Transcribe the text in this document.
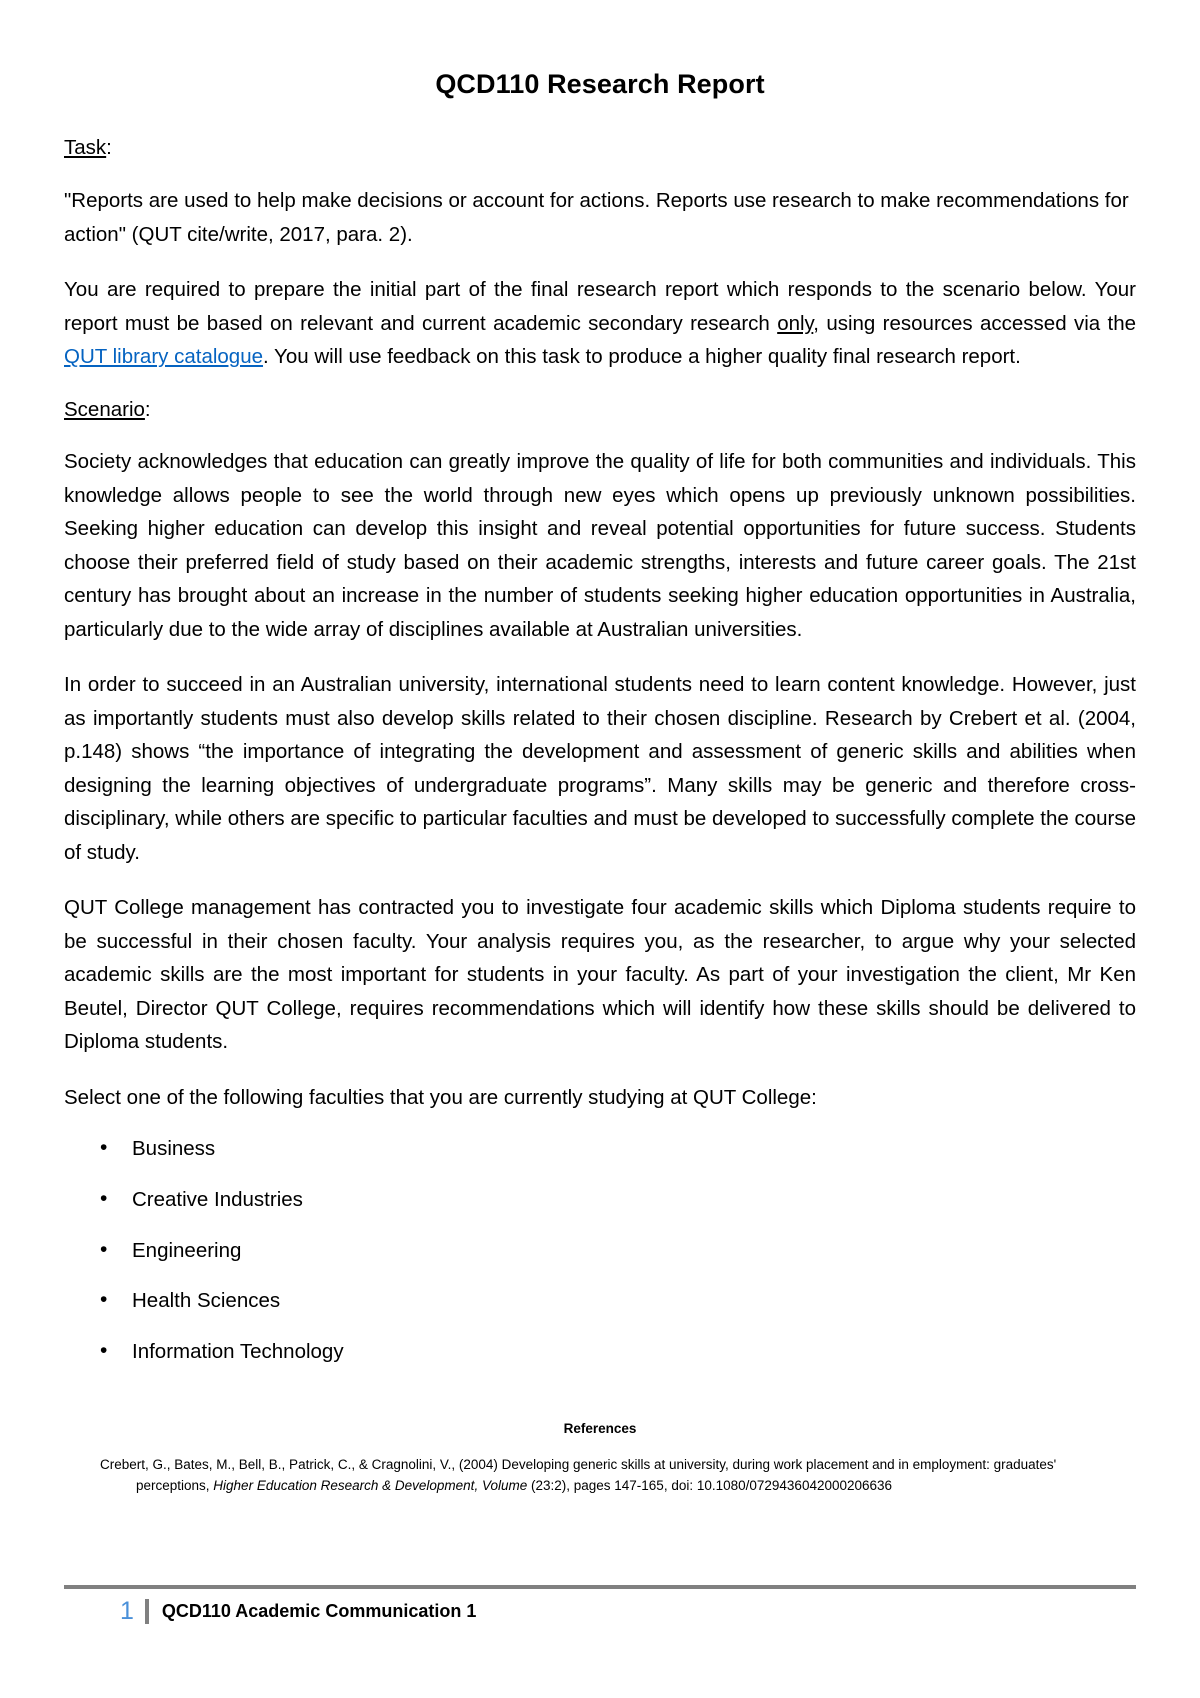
QCD110 Research Report
Task:

"Reports are used to help make decisions or account for actions. Reports use research to make recommendations for action" (QUT cite/write, 2017, para. 2).

You are required to prepare the initial part of the final research report which responds to the scenario below. Your report must be based on relevant and current academic secondary research only, using resources accessed via the QUT library catalogue. You will use feedback on this task to produce a higher quality final research report.

Scenario:

Society acknowledges that education can greatly improve the quality of life for both communities and individuals. This knowledge allows people to see the world through new eyes which opens up previously unknown possibilities. Seeking higher education can develop this insight and reveal potential opportunities for future success. Students choose their preferred field of study based on their academic strengths, interests and future career goals. The 21st century has brought about an increase in the number of students seeking higher education opportunities in Australia, particularly due to the wide array of disciplines available at Australian universities.

In order to succeed in an Australian university, international students need to learn content knowledge. However, just as importantly students must also develop skills related to their chosen discipline. Research by Crebert et al. (2004, p.148) shows “the importance of integrating the development and assessment of generic skills and abilities when designing the learning objectives of undergraduate programs”. Many skills may be generic and therefore cross-disciplinary, while others are specific to particular faculties and must be developed to successfully complete the course of study.

QUT College management has contracted you to investigate four academic skills which Diploma students require to be successful in their chosen faculty. Your analysis requires you, as the researcher, to argue why your selected academic skills are the most important for students in your faculty. As part of your investigation the client, Mr Ken Beutel, Director QUT College, requires recommendations which will identify how these skills should be delivered to Diploma students.

Select one of the following faculties that you are currently studying at QUT College:

• Business
• Creative Industries
• Engineering
• Health Sciences
• Information Technology
References
Crebert, G., Bates, M., Bell, B., Patrick, C., & Cragnolini, V., (2004) Developing generic skills at university, during work placement and in employment: graduates' perceptions, Higher Education Research & Development, Volume (23:2), pages 147-165, doi: 10.1080/0729436042000206636
1	QCD110 Academic Communication 1
